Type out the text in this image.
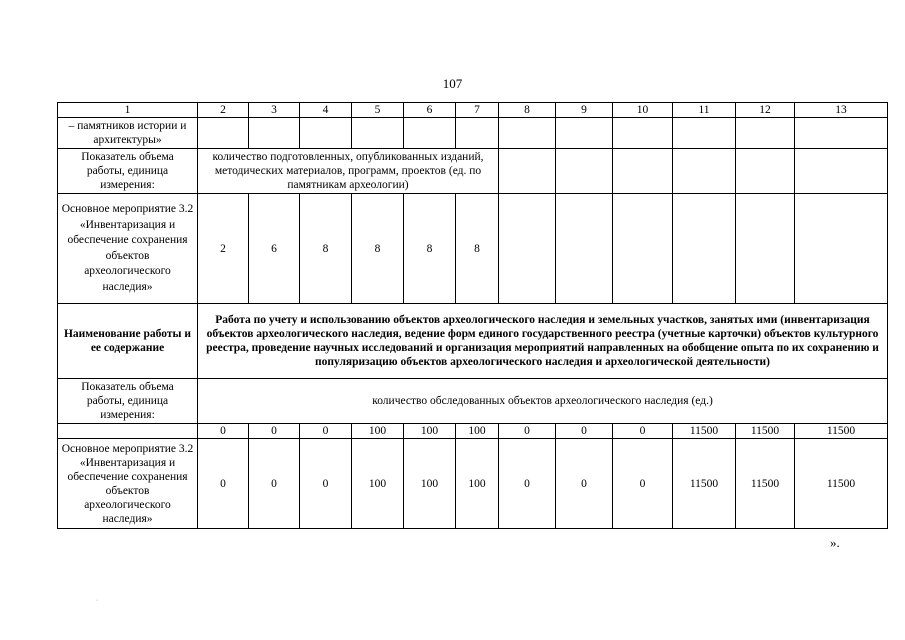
107
1	2	3	4	5	6	7	8	9	10	11	12	13
– памятников истории и архитектуры»												
Показатель объема работы, единица измерения:	количество подготовленных, опубликованных изданий, методических материалов, программ, проектов (ед. по памятникам археологии)											
Основное мероприятие 3.2 «Инвентаризация и обеспечение сохранения объектов археологического наследия»	2	6	8	8	8	8						
Наименование работы и ее содержание	Работа по учету и использованию объектов археологического наследия и земельных участков, занятых ими (инвентаризация объектов археологического наследия, ведение форм единого государственного реестра (учетные карточки) объектов культурного реестра, проведение научных исследований и организация мероприятий направленных на обобщение опыта по их сохранению и популяризацию объектов археологического наследия и археологической деятельности)											
Показатель объема работы, единица измерения:	количество обследованных объектов археологического наследия (ед.)											
	0	0	0	100	100	100	0	0	0	11500	11500	11500
Основное мероприятие 3.2 «Инвентаризация и обеспечение сохранения объектов археологического наследия»	0	0	0	100	100	100	0	0	0	11500	11500	11500
».
·
